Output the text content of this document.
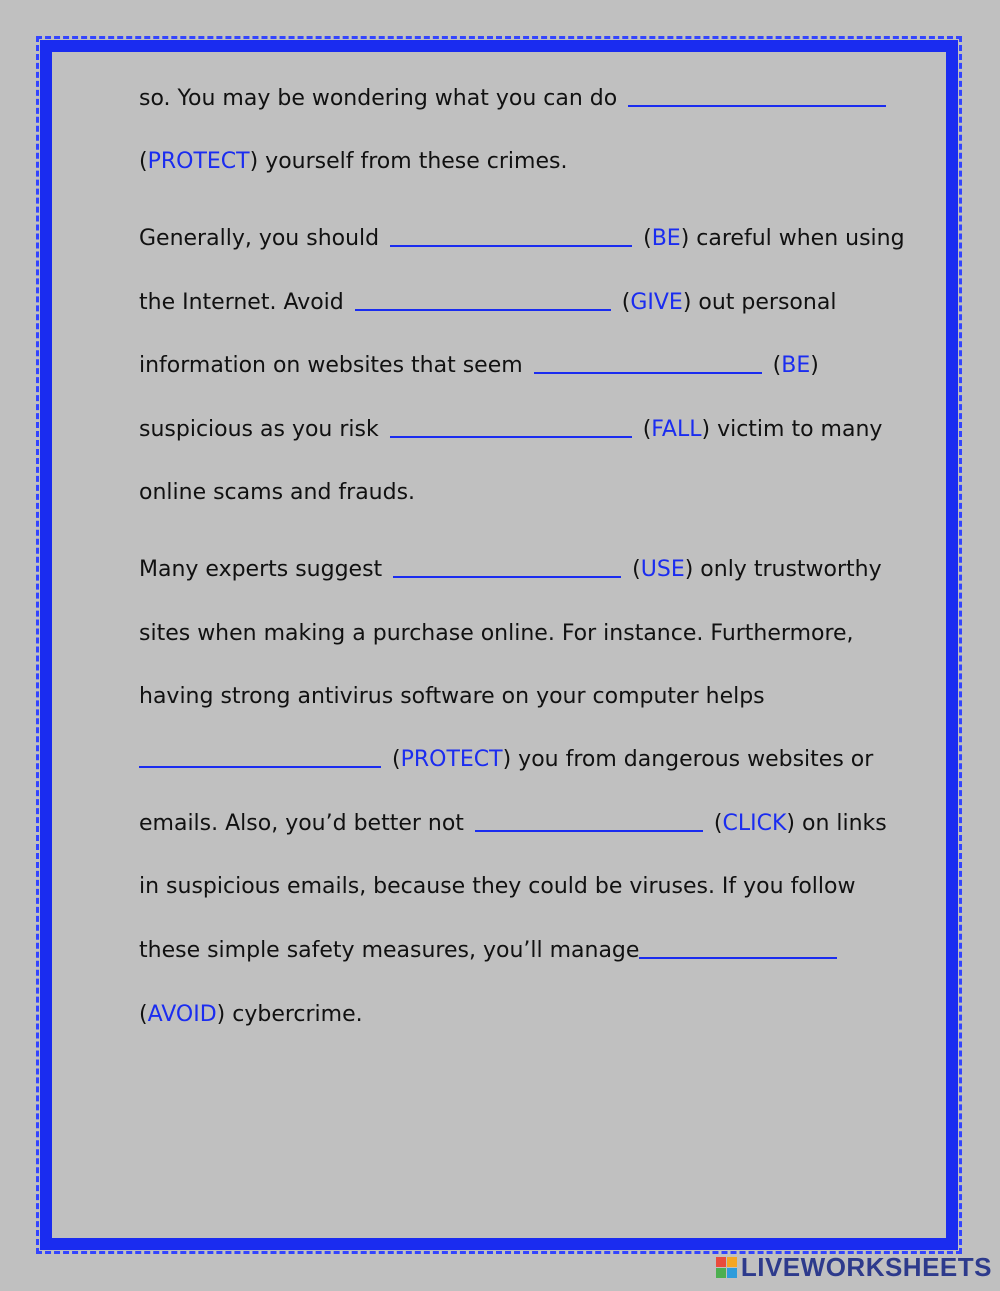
so. You may be wondering what you can do
(PROTECT) yourself from these crimes.
Generally, you should	(BE) careful when using
the Internet. Avoid	(GIVE) out personal
information on websites that seem	(BE)
suspicious as you risk	(FALL) victim to many
online scams and frauds.
Many experts suggest	(USE) only trustworthy
sites when making a purchase online. For instance. Furthermore,
having strong antivirus software on your computer helps
(PROTECT) you from dangerous websites or
emails. Also, you’d better not	(CLICK) on links
in suspicious emails, because they could be viruses. If you follow
these simple safety measures, you’ll manage
(AVOID) cybercrime.
LIVEWORKSHEETS
